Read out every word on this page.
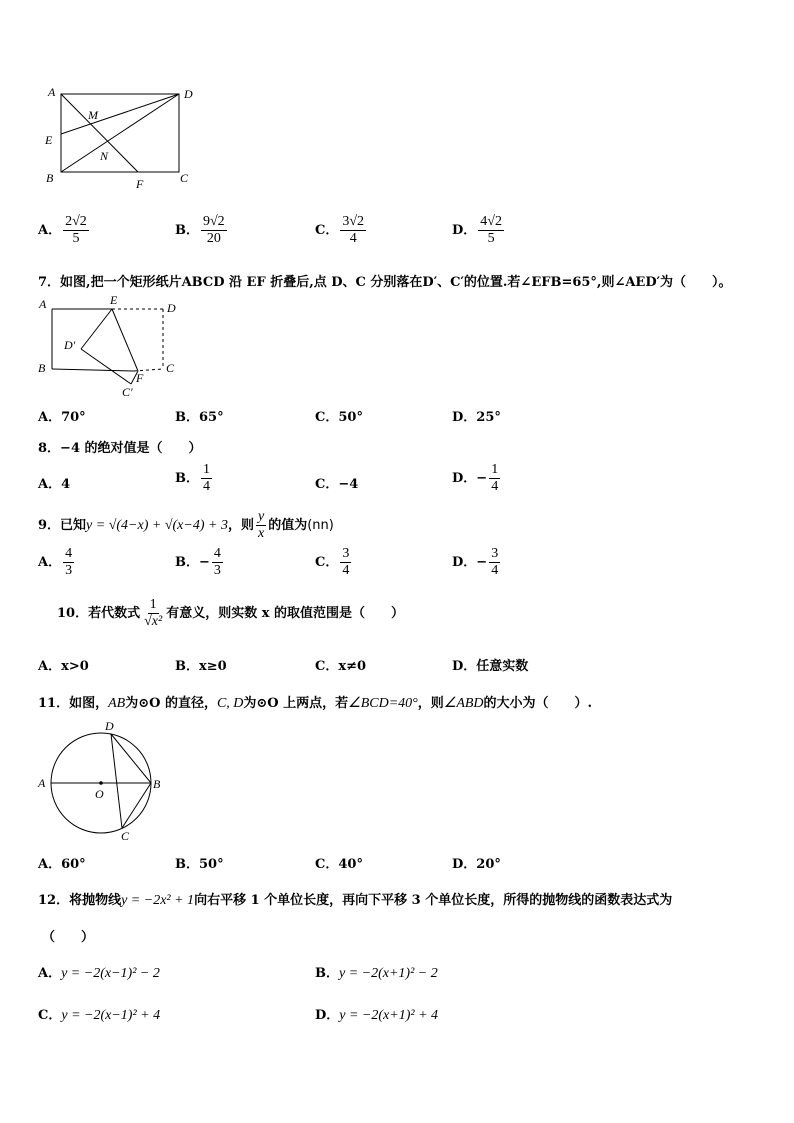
A	D
M
E
N
B	F	C
A． $\frac{2√2}{5}$	B． $\frac{9√2}{20}$	C． $\frac{3√2}{4}$	D． $\frac{4√2}{5}$
7．如图,把一个矩形纸片ABCD 沿 EF 折叠后,点 D、C 分别落在D′、C′的位置.若∠EFB=65°,则∠AED′为（　　）。
A	E
D
D′
B	C
F
C′
A．70°	B．65°	C．50°	D．25°
8．−4 的绝对值是（　　）
A．4	B． $\frac{1}{4}$	C．−4	D．− $\frac{1}{4}$
9．已知y = √(4−x) + √(x−4) + 3，则 $\frac{y}{x}$ 的值为(nn)
A． $\frac{4}{3}$	B．− $\frac{4}{3}$	C． $\frac{3}{4}$	D．− $\frac{3}{4}$
10．若代数式 $\frac{1}{\text{√x²}}$ 有意义，则实数 x 的取值范围是（　　）
A．x>0	B．x≥0	C．x≠0	D．任意实数
11．如图，AB为⊙O 的直径，C, D为⊙O 上两点，若∠BCD=40°，则∠ABD的大小为（　　）.
A
O
B
C
D
A．60°	B．50°	C．40°	D．20°
12．将抛物线y = −2x² + 1向右平移 1 个单位长度，再向下平移 3 个单位长度，所得的抛物线的函数表达式为
（　　）
A．y = −2(x−1)² − 2	B．y = −2(x+1)² − 2
C．y = −2(x−1)² + 4	D．y = −2(x+1)² + 4
